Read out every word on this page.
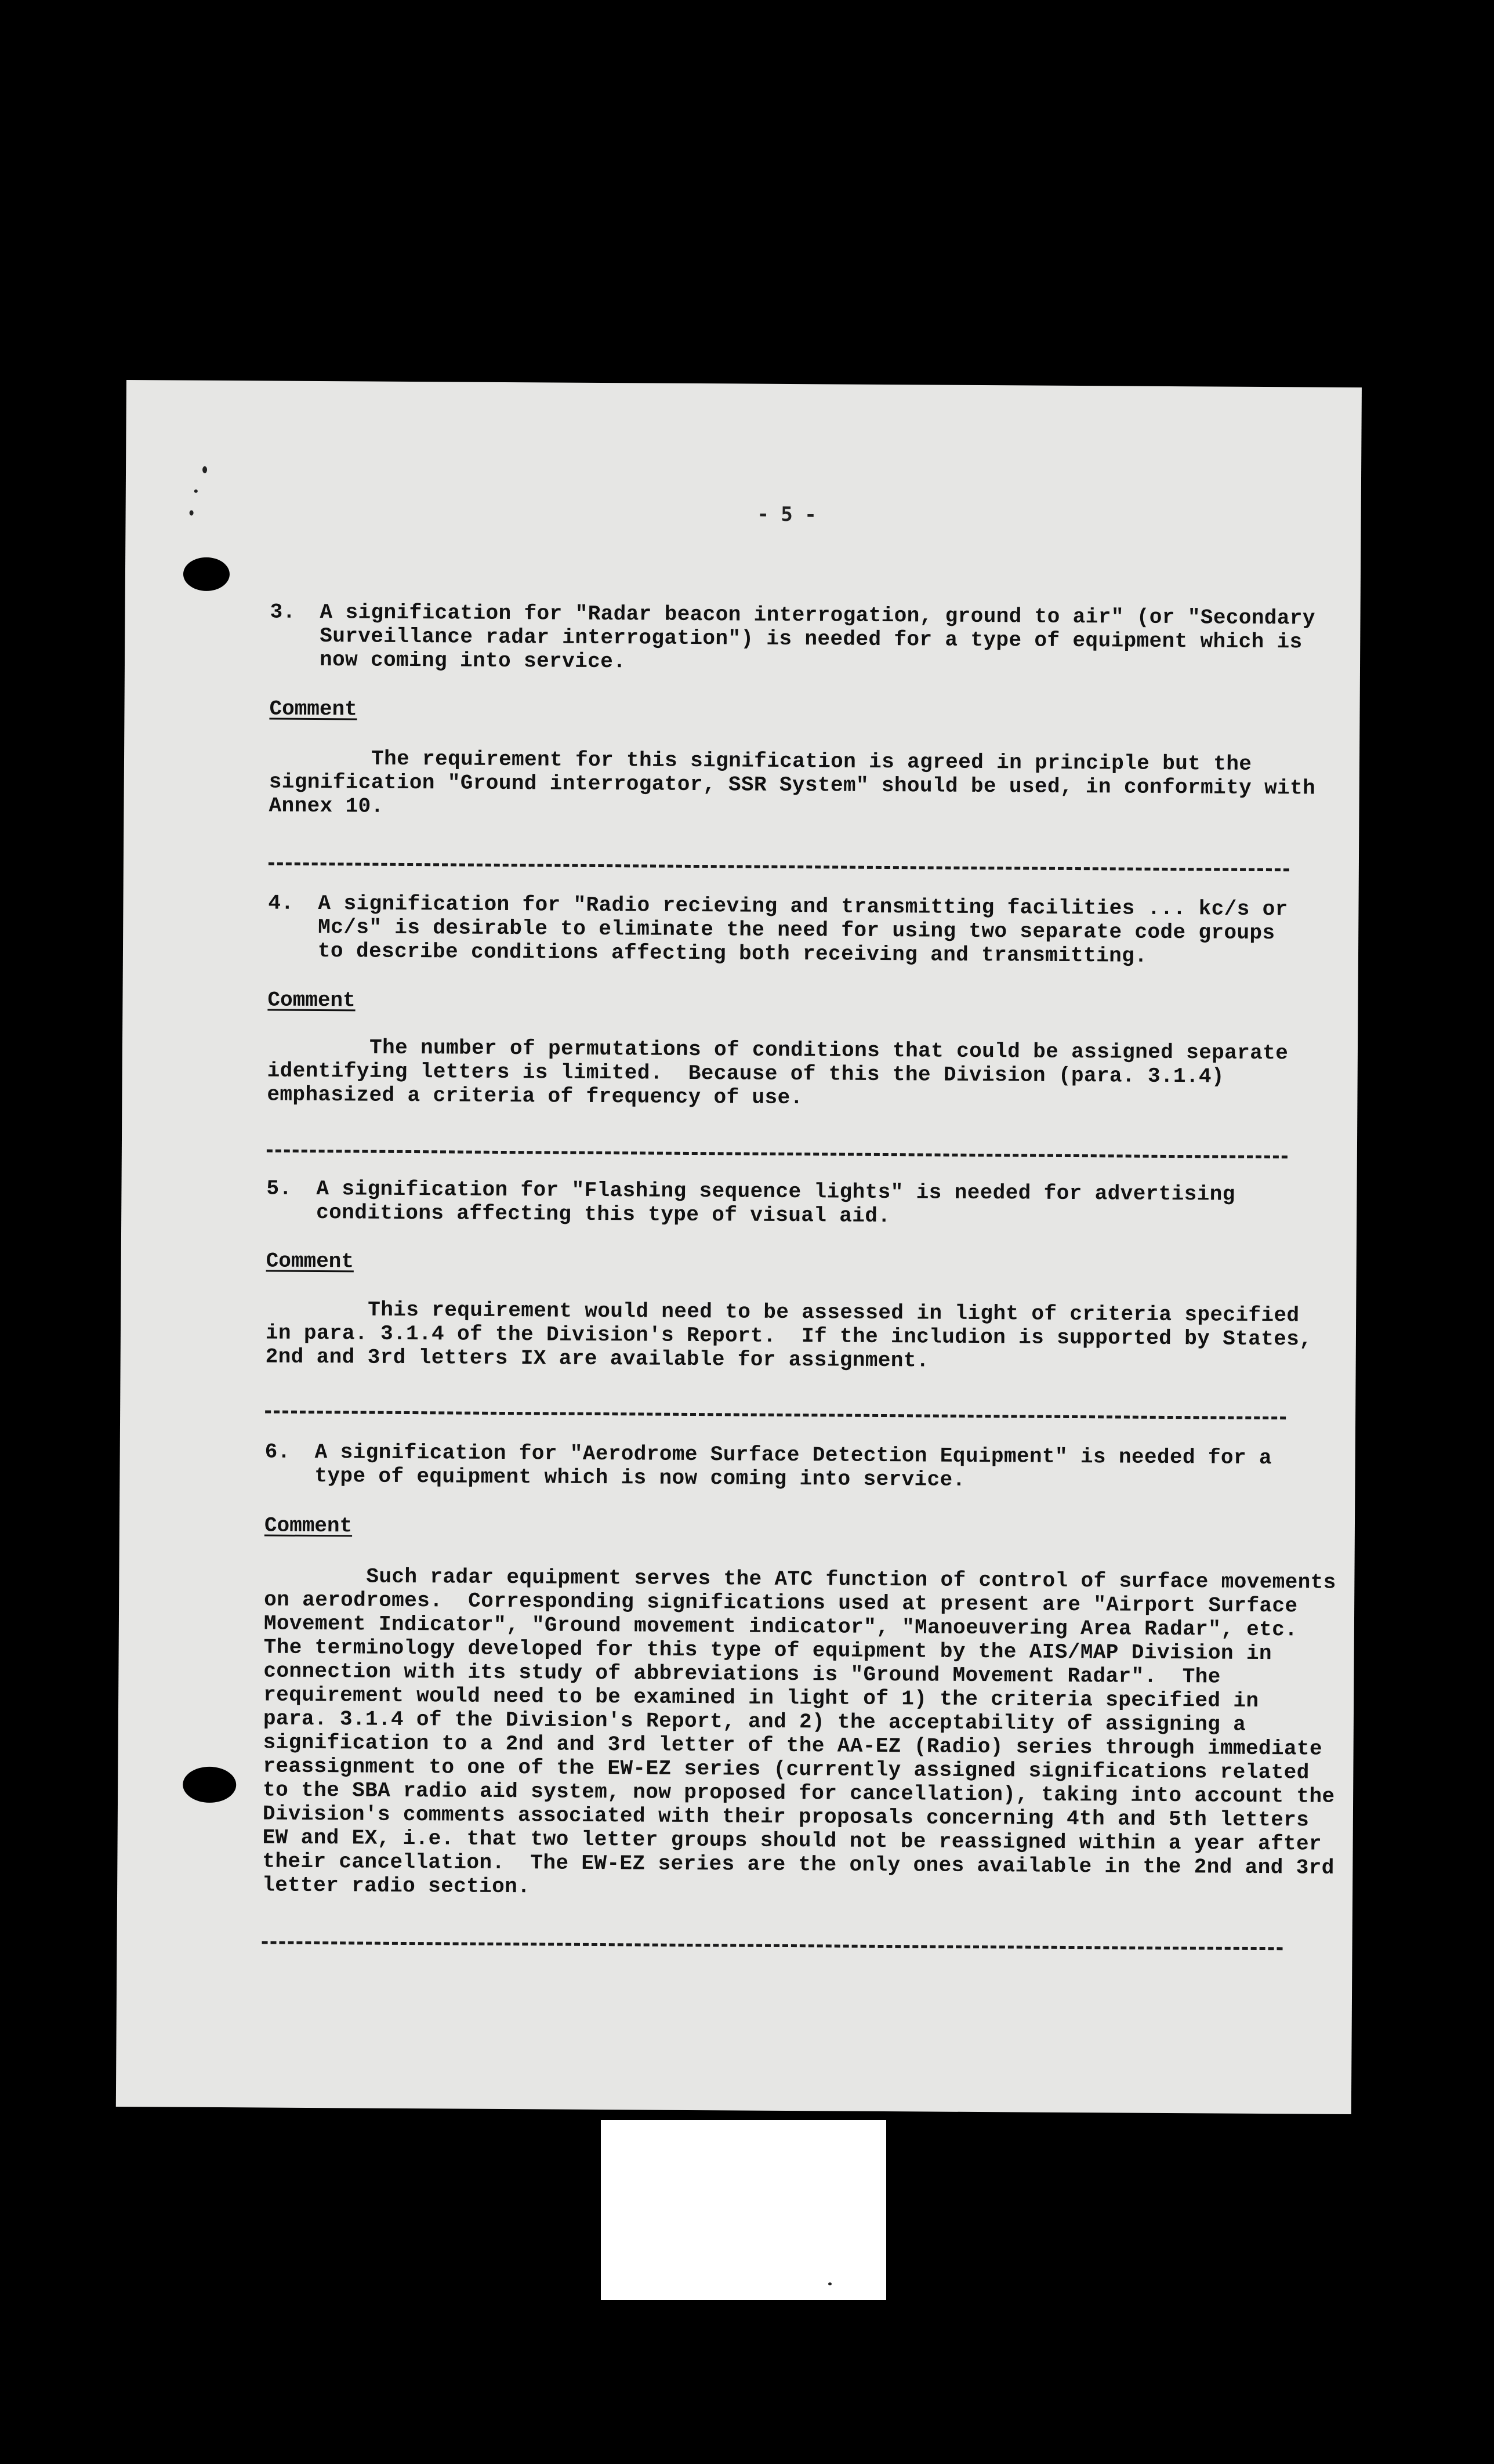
- 5 -
3. A signification for "Radar beacon interrogation, ground to air" (or "Secondary
Surveillance radar interrogation") is needed for a type of equipment which is
now coming into service.
Comment
The requirement for this signification is agreed in principle but the
signification "Ground interrogator, SSR System" should be used, in conformity with
Annex 10.
4. A signification for "Radio recieving and transmitting facilities ... kc/s or
Mc/s" is desirable to eliminate the need for using two separate code groups
to describe conditions affecting both receiving and transmitting.
Comment
The number of permutations of conditions that could be assigned separate
identifying letters is limited.  Because of this the Division (para. 3.1.4)
emphasized a criteria of frequency of use.
5. A signification for "Flashing sequence lights" is needed for advertising
conditions affecting this type of visual aid.
Comment
This requirement would need to be assessed in light of criteria specified
in para. 3.1.4 of the Division's Report.  If the includion is supported by States,
2nd and 3rd letters IX are available for assignment.
6. A signification for "Aerodrome Surface Detection Equipment" is needed for a
type of equipment which is now coming into service.
Comment
Such radar equipment serves the ATC function of control of surface movements
on aerodromes.  Corresponding significations used at present are "Airport Surface
Movement Indicator", "Ground movement indicator", "Manoeuvering Area Radar", etc.
The terminology developed for this type of equipment by the AIS/MAP Division in
connection with its study of abbreviations is "Ground Movement Radar".  The
requirement would need to be examined in light of 1) the criteria specified in
para. 3.1.4 of the Division's Report, and 2) the acceptability of assigning a
signification to a 2nd and 3rd letter of the AA-EZ (Radio) series through immediate
reassignment to one of the EW-EZ series (currently assigned significations related
to the SBA radio aid system, now proposed for cancellation), taking into account the
Division's comments associated with their proposals concerning 4th and 5th letters
EW and EX, i.e. that two letter groups should not be reassigned within a year after
their cancellation.  The EW-EZ series are the only ones available in the 2nd and 3rd
letter radio section.
